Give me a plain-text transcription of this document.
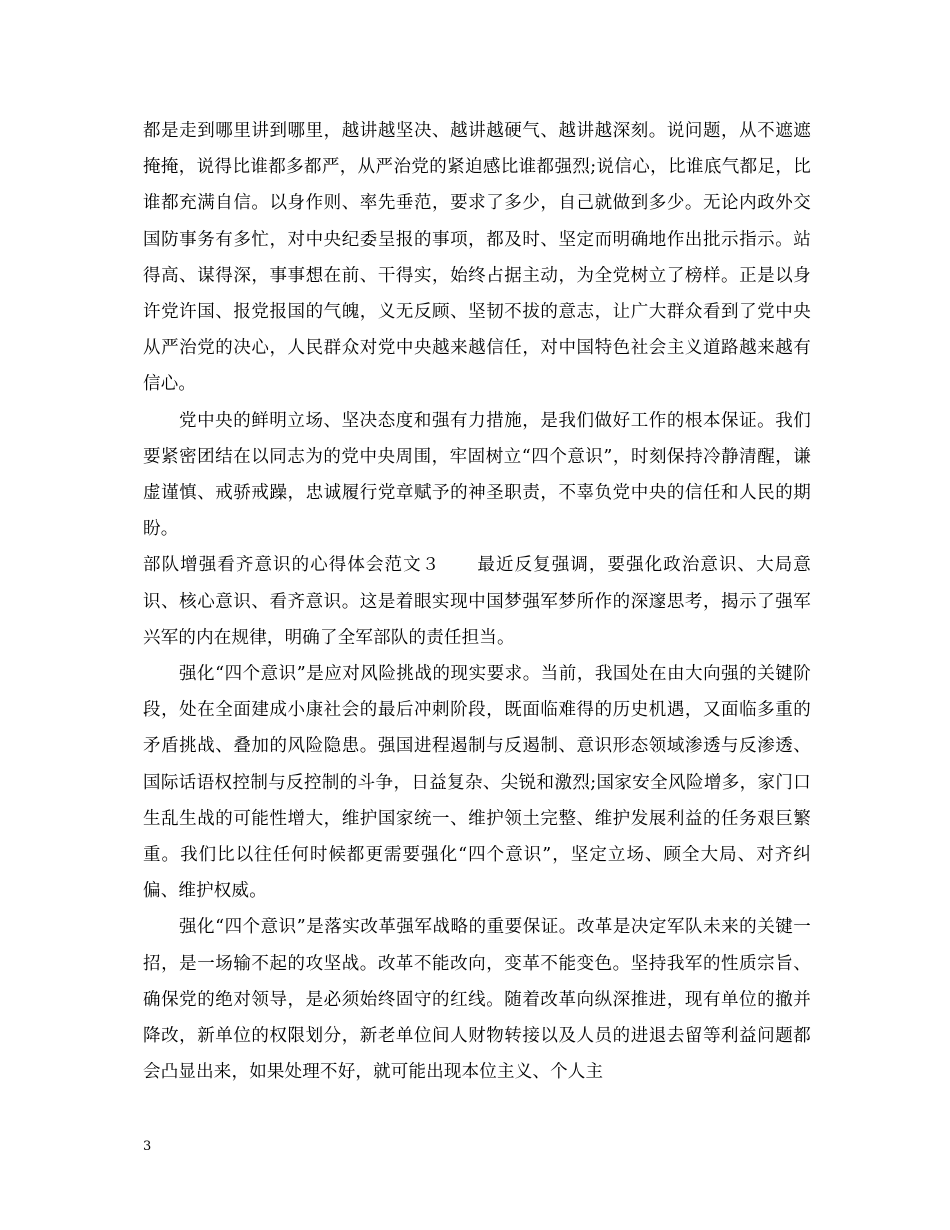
都是走到哪里讲到哪里，越讲越坚决、越讲越硬气、越讲越深刻。说问题，从不遮遮掩掩，说得比谁都多都严，从严治党的紧迫感比谁都强烈;说信心，比谁底气都足，比谁都充满自信。以身作则、率先垂范，要求了多少，自己就做到多少。无论内政外交国防事务有多忙，对中央纪委呈报的事项，都及时、坚定而明确地作出批示指示。站得高、谋得深，事事想在前、干得实，始终占据主动，为全党树立了榜样。正是以身许党许国、报党报国的气魄，义无反顾、坚韧不拔的意志，让广大群众看到了党中央从严治党的决心，人民群众对党中央越来越信任，对中国特色社会主义道路越来越有信心。

党中央的鲜明立场、坚决态度和强有力措施，是我们做好工作的根本保证。我们要紧密团结在以同志为的党中央周围，牢固树立“四个意识”，时刻保持冷静清醒，谦虚谨慎、戒骄戒躁，忠诚履行党章赋予的神圣职责，不辜负党中央的信任和人民的期盼。

部队增强看齐意识的心得体会范文３　　最近反复强调，要强化政治意识、大局意识、核心意识、看齐意识。这是着眼实现中国梦强军梦所作的深邃思考，揭示了强军兴军的内在规律，明确了全军部队的责任担当。

强化“四个意识”是应对风险挑战的现实要求。当前，我国处在由大向强的关键阶段，处在全面建成小康社会的最后冲刺阶段，既面临难得的历史机遇，又面临多重的矛盾挑战、叠加的风险隐患。强国进程遏制与反遏制、意识形态领域渗透与反渗透、国际话语权控制与反控制的斗争，日益复杂、尖锐和激烈;国家安全风险增多，家门口生乱生战的可能性增大，维护国家统一、维护领土完整、维护发展利益的任务艰巨繁重。我们比以往任何时候都更需要强化“四个意识”，坚定立场、顾全大局、对齐纠偏、维护权威。

强化“四个意识”是落实改革强军战略的重要保证。改革是决定军队未来的关键一招，是一场输不起的攻坚战。改革不能改向，变革不能变色。坚持我军的性质宗旨、确保党的绝对领导，是必须始终固守的红线。随着改革向纵深推进，现有单位的撤并降改，新单位的权限划分，新老单位间人财物转接以及人员的进退去留等利益问题都会凸显出来，如果处理不好，就可能出现本位主义、个人主

3
